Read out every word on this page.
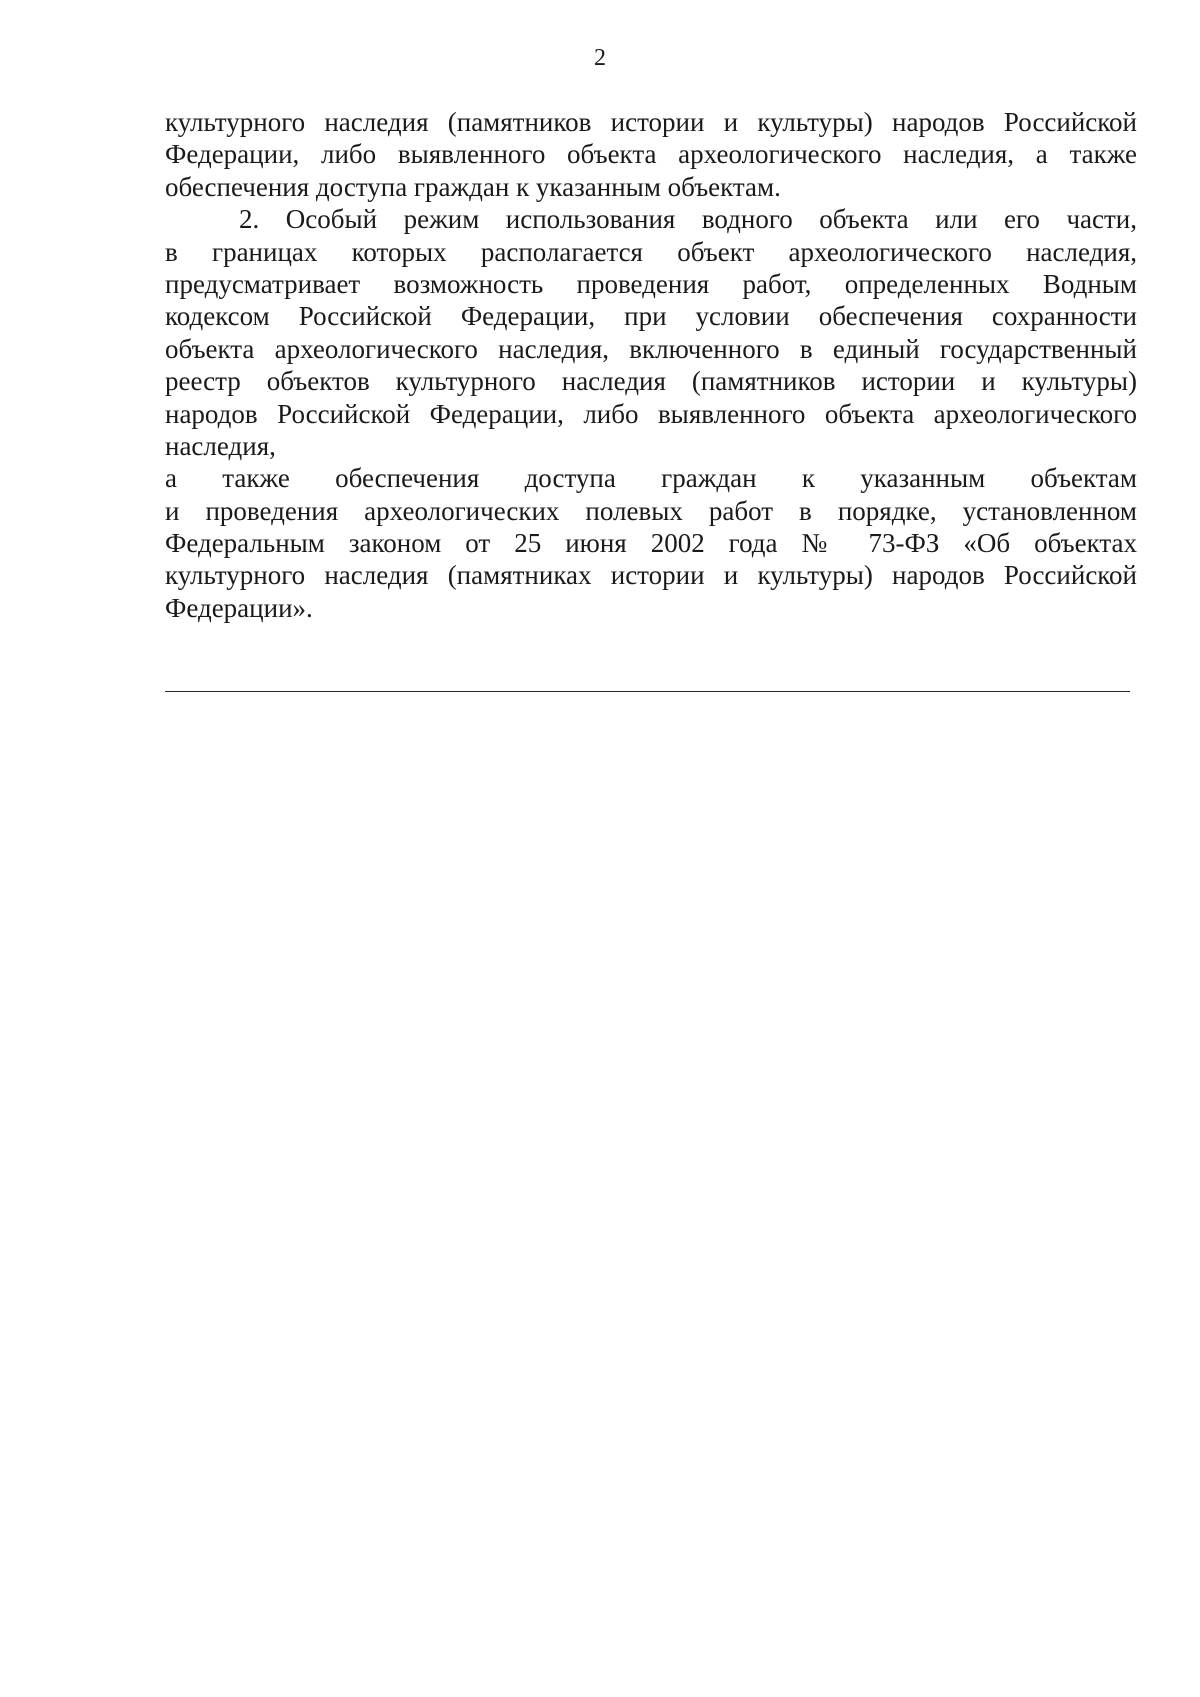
2
культурного наследия (памятников истории и культуры) народов Российской
Федерации, либо выявленного объекта археологического наследия, а также
обеспечения доступа граждан к указанным объектам.
2. Особый режим использования водного объекта или его части,
в границах которых располагается объект археологического наследия,
предусматривает возможность проведения работ, определенных Водным
кодексом Российской Федерации, при условии обеспечения сохранности
объекта археологического наследия, включенного в единый государственный
реестр объектов культурного наследия (памятников истории и культуры)
народов Российской Федерации, либо выявленного объекта археологического
наследия,
а также обеспечения доступа граждан к указанным объектам
и проведения археологических полевых работ в порядке, установленном
Федеральным законом от 25 июня 2002 года № 73-ФЗ «Об объектах
культурного наследия (памятниках истории и культуры) народов Российской
Федерации».
